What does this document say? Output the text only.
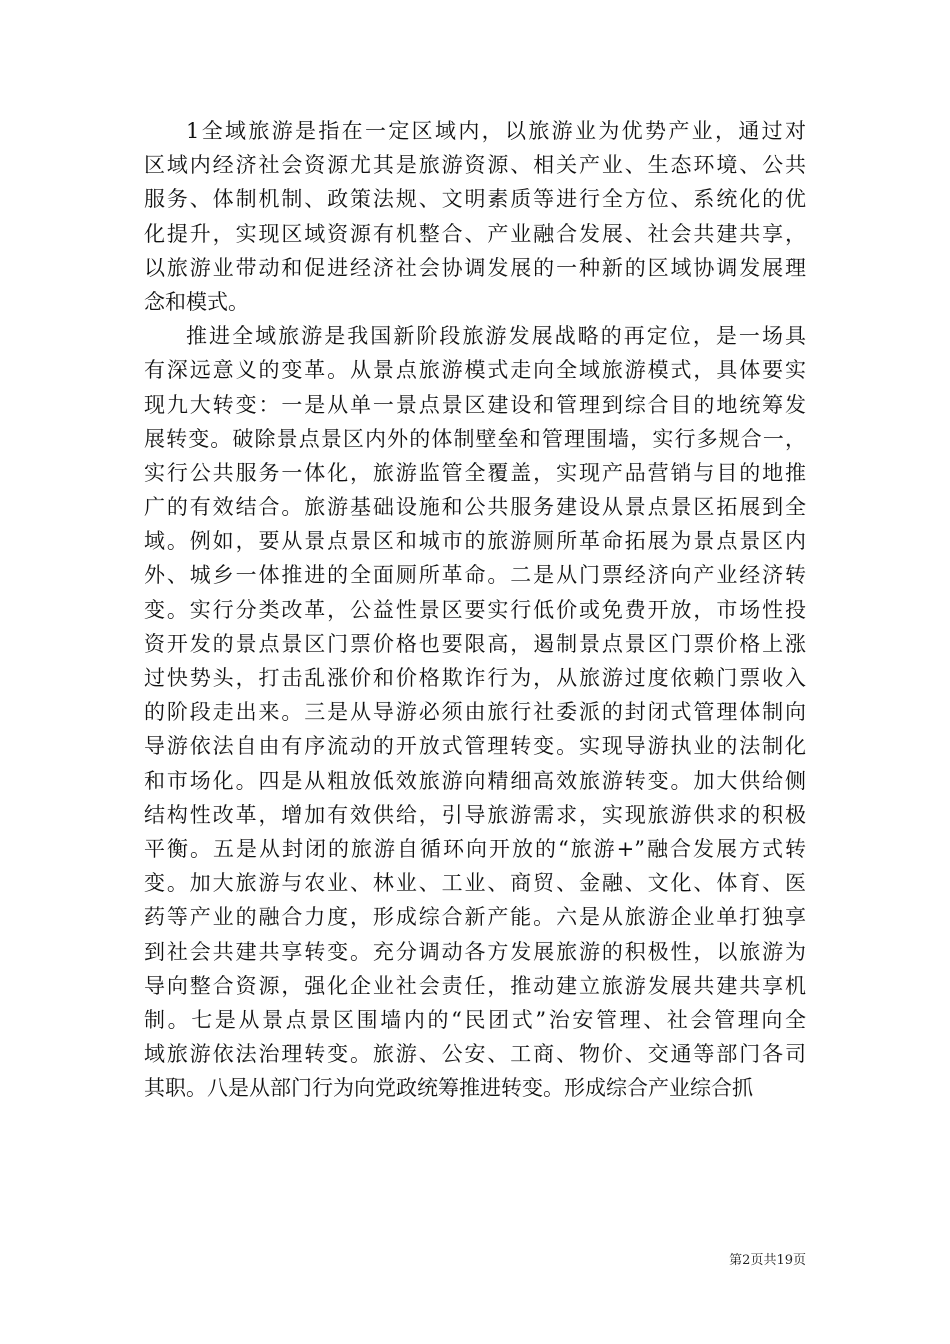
1全域旅游是指在一定区域内，以旅游业为优势产业，通过对
区域内经济社会资源尤其是旅游资源、相关产业、生态环境、公共
服务、体制机制、政策法规、文明素质等进行全方位、系统化的优
化提升，实现区域资源有机整合、产业融合发展、社会共建共享，
以旅游业带动和促进经济社会协调发展的一种新的区域协调发展理
念和模式。
推进全域旅游是我国新阶段旅游发展战略的再定位，是一场具
有深远意义的变革。从景点旅游模式走向全域旅游模式，具体要实
现九大转变：一是从单一景点景区建设和管理到综合目的地统筹发
展转变。破除景点景区内外的体制壁垒和管理围墙，实行多规合一，
实行公共服务一体化，旅游监管全覆盖，实现产品营销与目的地推
广的有效结合。旅游基础设施和公共服务建设从景点景区拓展到全
域。例如，要从景点景区和城市的旅游厕所革命拓展为景点景区内
外、城乡一体推进的全面厕所革命。二是从门票经济向产业经济转
变。实行分类改革，公益性景区要实行低价或免费开放，市场性投
资开发的景点景区门票价格也要限高，遏制景点景区门票价格上涨
过快势头，打击乱涨价和价格欺诈行为，从旅游过度依赖门票收入
的阶段走出来。三是从导游必须由旅行社委派的封闭式管理体制向
导游依法自由有序流动的开放式管理转变。实现导游执业的法制化
和市场化。四是从粗放低效旅游向精细高效旅游转变。加大供给侧
结构性改革，增加有效供给，引导旅游需求，实现旅游供求的积极
平衡。五是从封闭的旅游自循环向开放的“旅游+”融合发展方式转
变。加大旅游与农业、林业、工业、商贸、金融、文化、体育、医
药等产业的融合力度，形成综合新产能。六是从旅游企业单打独享
到社会共建共享转变。充分调动各方发展旅游的积极性，以旅游为
导向整合资源，强化企业社会责任，推动建立旅游发展共建共享机
制。七是从景点景区围墙内的“民团式”治安管理、社会管理向全
域旅游依法治理转变。旅游、公安、工商、物价、交通等部门各司
其职。八是从部门行为向党政统筹推进转变。形成综合产业综合抓
第2页共19页
